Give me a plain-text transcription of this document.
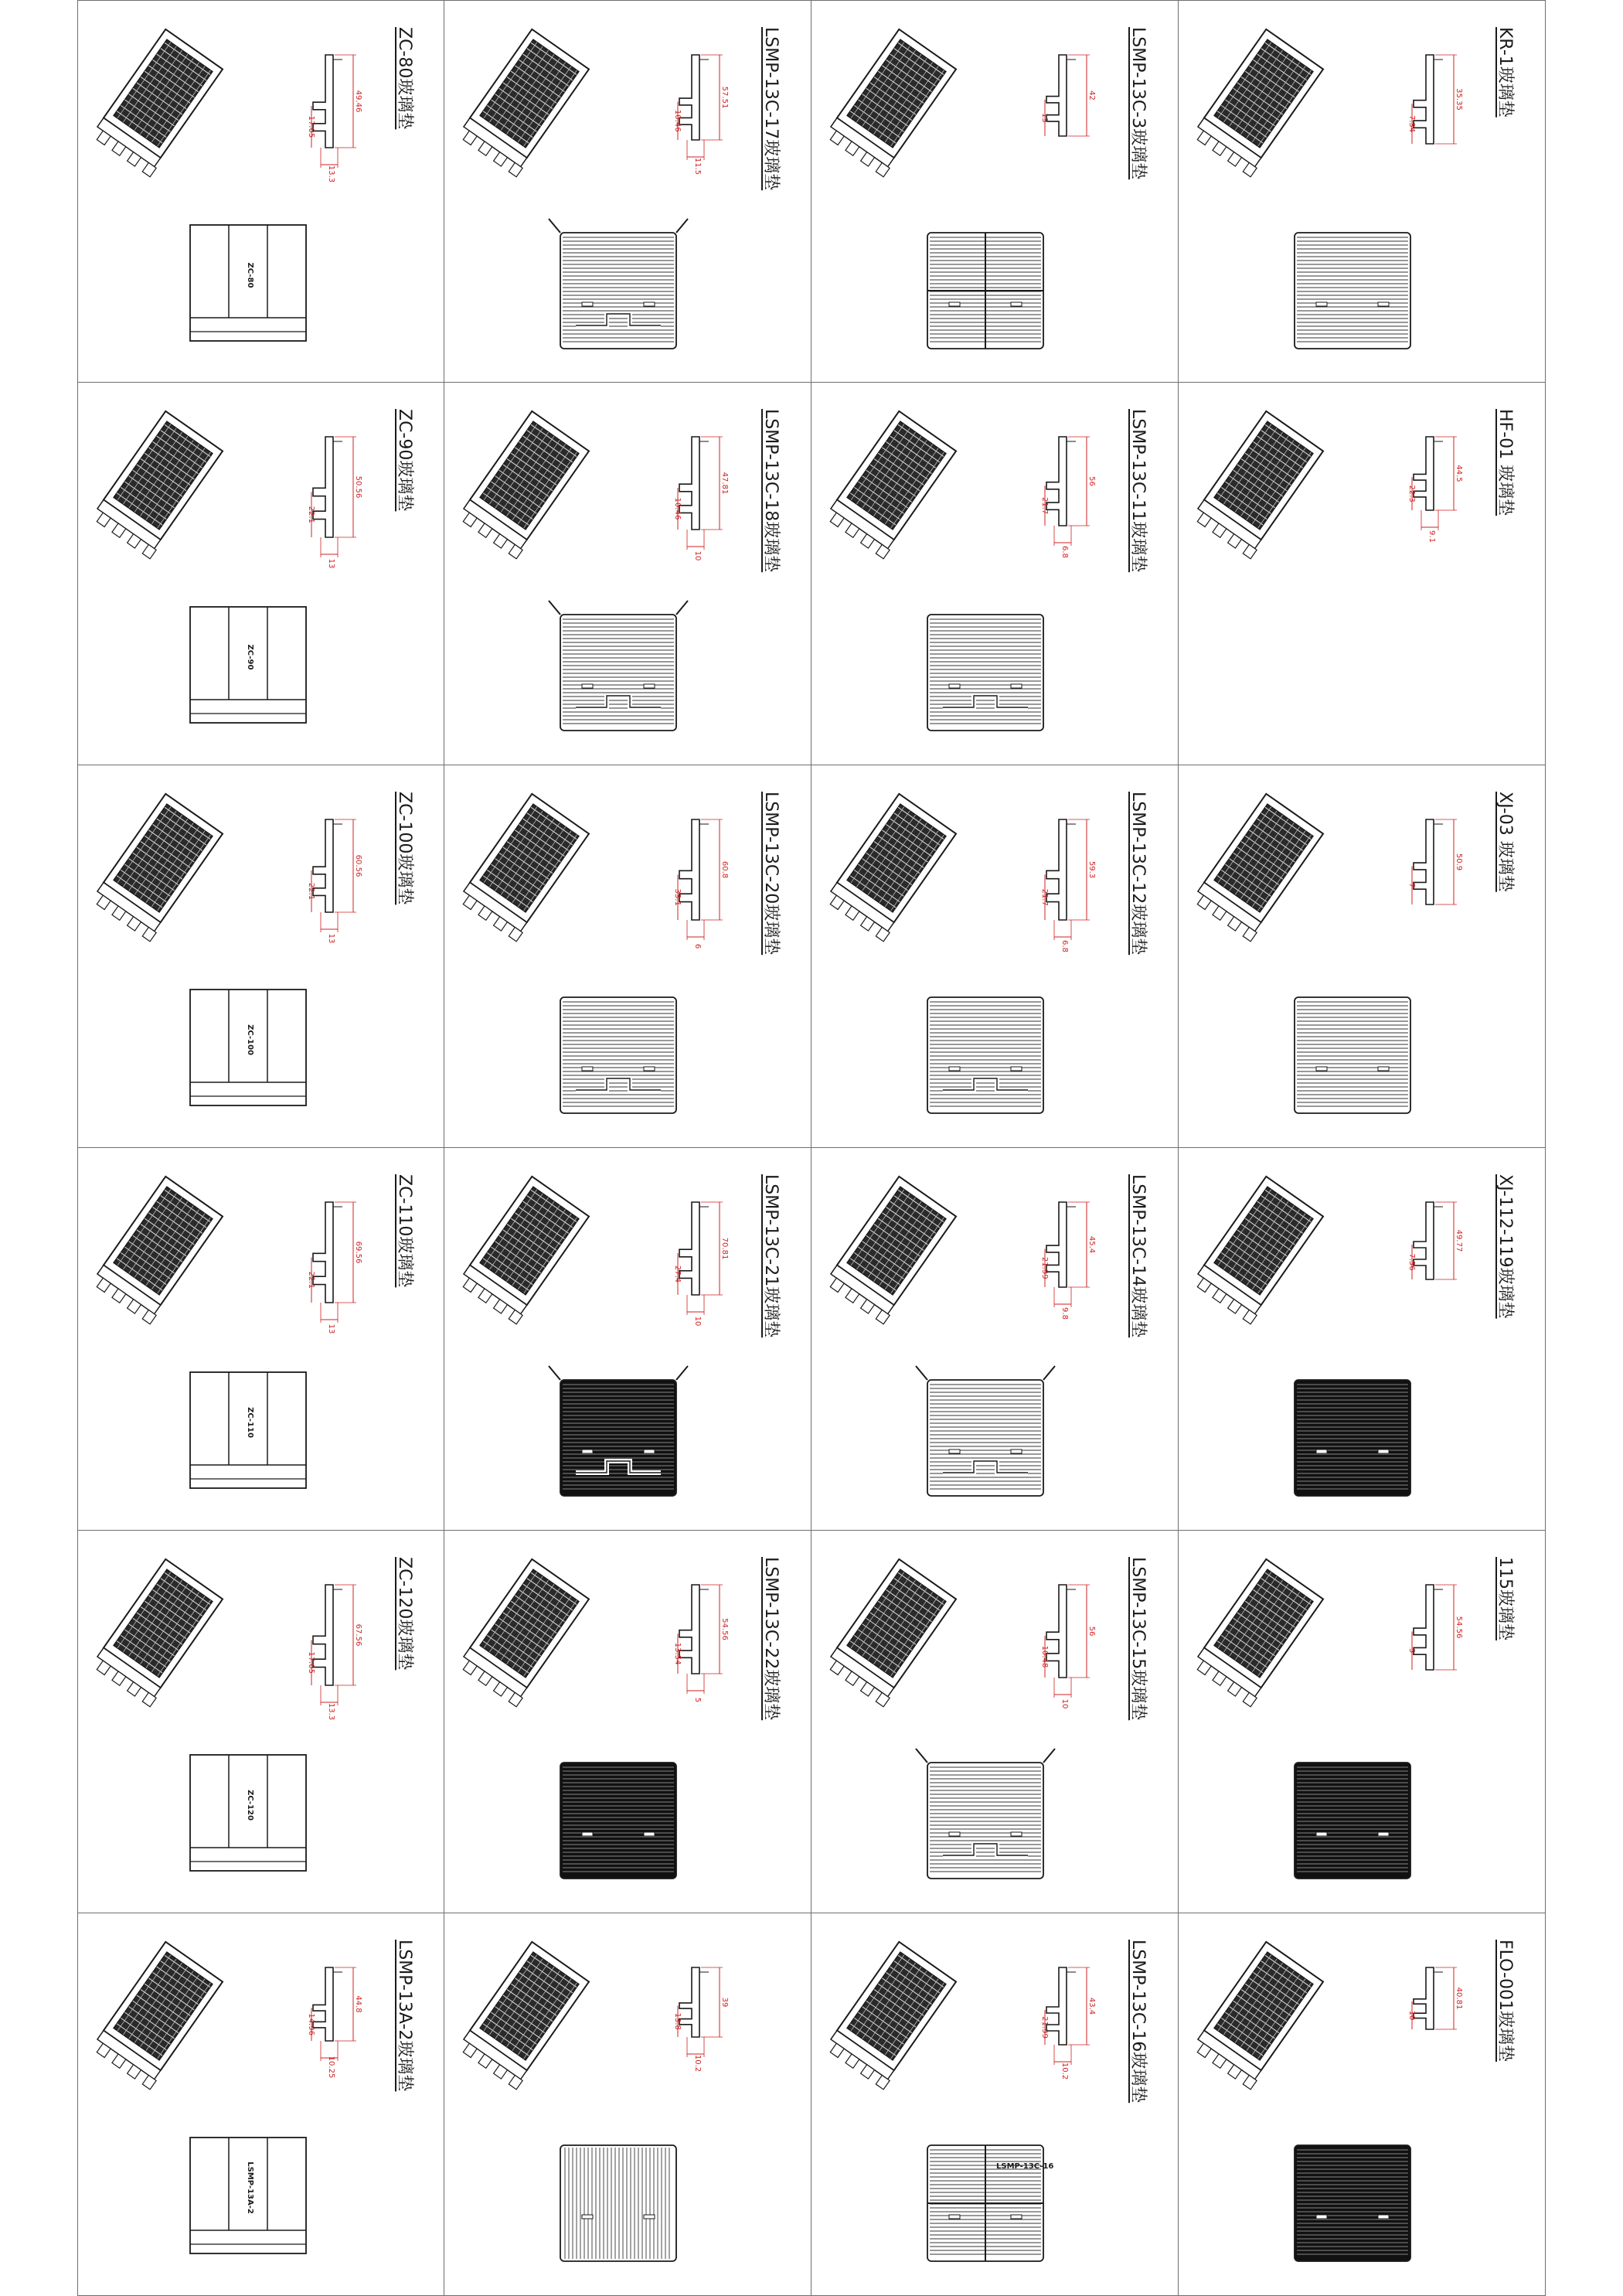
49.46
17.05
13.3
ZC-80
ZC-80玻璃垫	57.51
10.46
11.5	LSMP-13C-17玻璃垫	42
13	LSMP-13C-3玻璃垫	35.35
7.34
KR-1玻璃垫
50.56
22.1
13
ZC-90
ZC-90玻璃垫	47.81
10.46
10	LSMP-13C-18玻璃垫	56
21.7
6.8	LSMP-13C-11玻璃垫	44.5
22.3
9.1
HF-01 玻璃垫
60.56
22.1
13
ZC-100
ZC-100玻璃垫	60.8
33.1
6	LSMP-13C-20玻璃垫	59.3
21.7
6.8	LSMP-13C-12玻璃垫	50.9
7	XJ-03 玻璃垫
69.56
22.1
13
ZC-110
ZC-110玻璃垫	70.81
27.4
10	LSMP-13C-21玻璃垫	45.4
21.99
9.8	LSMP-13C-14玻璃垫	49.77
7.56	XJ-112-119玻璃垫
67.56
17.05
13.3
ZC-120
ZC-120玻璃垫	54.56
13.54
5	LSMP-13C-22玻璃垫	56
10.48
10	LSMP-13C-15玻璃垫	54.56
5
115玻璃垫
44.8
14.96
10.25
LSMP-13A-2
LSMP-13A-2玻璃垫	39
13.8
10.2
43.4
21.99
10.2
LSMP-13C-16
LSMP-13C-16玻璃垫	40.81
10	FLO-001玻璃垫
